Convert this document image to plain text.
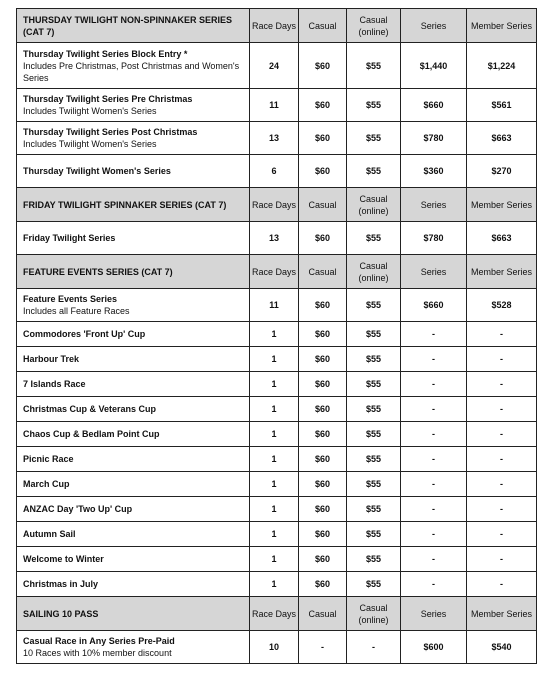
THURSDAY TWILIGHT NON-SPINNAKER SERIES (CAT 7)	Race Days	Casual	Casual (online)	Series	Member Series

Thursday Twilight Series Block Entry *
Includes Pre Christmas, Post Christmas and Women's Series	24	$60	$55	$1,440	$1,224

Thursday Twilight Series Pre Christmas
Includes Twilight Women's Series	11	$60	$55	$660	$561

Thursday Twilight Series Post Christmas
Includes Twilight Women's Series	13	$60	$55	$780	$663

Thursday Twilight Women's Series	6	$60	$55	$360	$270
FRIDAY TWILIGHT SPINNAKER SERIES (CAT 7)	Race Days	Casual	Casual (online)	Series	Member Series

Friday Twilight Series	13	$60	$55	$780	$663
FEATURE EVENTS SERIES (CAT 7)	Race Days	Casual	Casual (online)	Series	Member Series

Feature Events Series
Includes all Feature Races	11	$60	$55	$660	$528

Commodores 'Front Up' Cup	1	$60	$55	-	-

Harbour Trek	1	$60	$55	-	-

7 Islands Race	1	$60	$55	-	-

Christmas Cup & Veterans Cup	1	$60	$55	-	-

Chaos Cup & Bedlam Point Cup	1	$60	$55	-	-

Picnic Race	1	$60	$55	-	-

March Cup	1	$60	$55	-	-

ANZAC Day 'Two Up' Cup	1	$60	$55	-	-

Autumn Sail	1	$60	$55	-	-

Welcome to Winter	1	$60	$55	-	-

Christmas in July	1	$60	$55	-	-
SAILING 10 PASS	Race Days	Casual	Casual (online)	Series	Member Series

Casual Race in Any Series Pre-Paid
10 Races with 10% member discount	10	-	-	$600	$540
